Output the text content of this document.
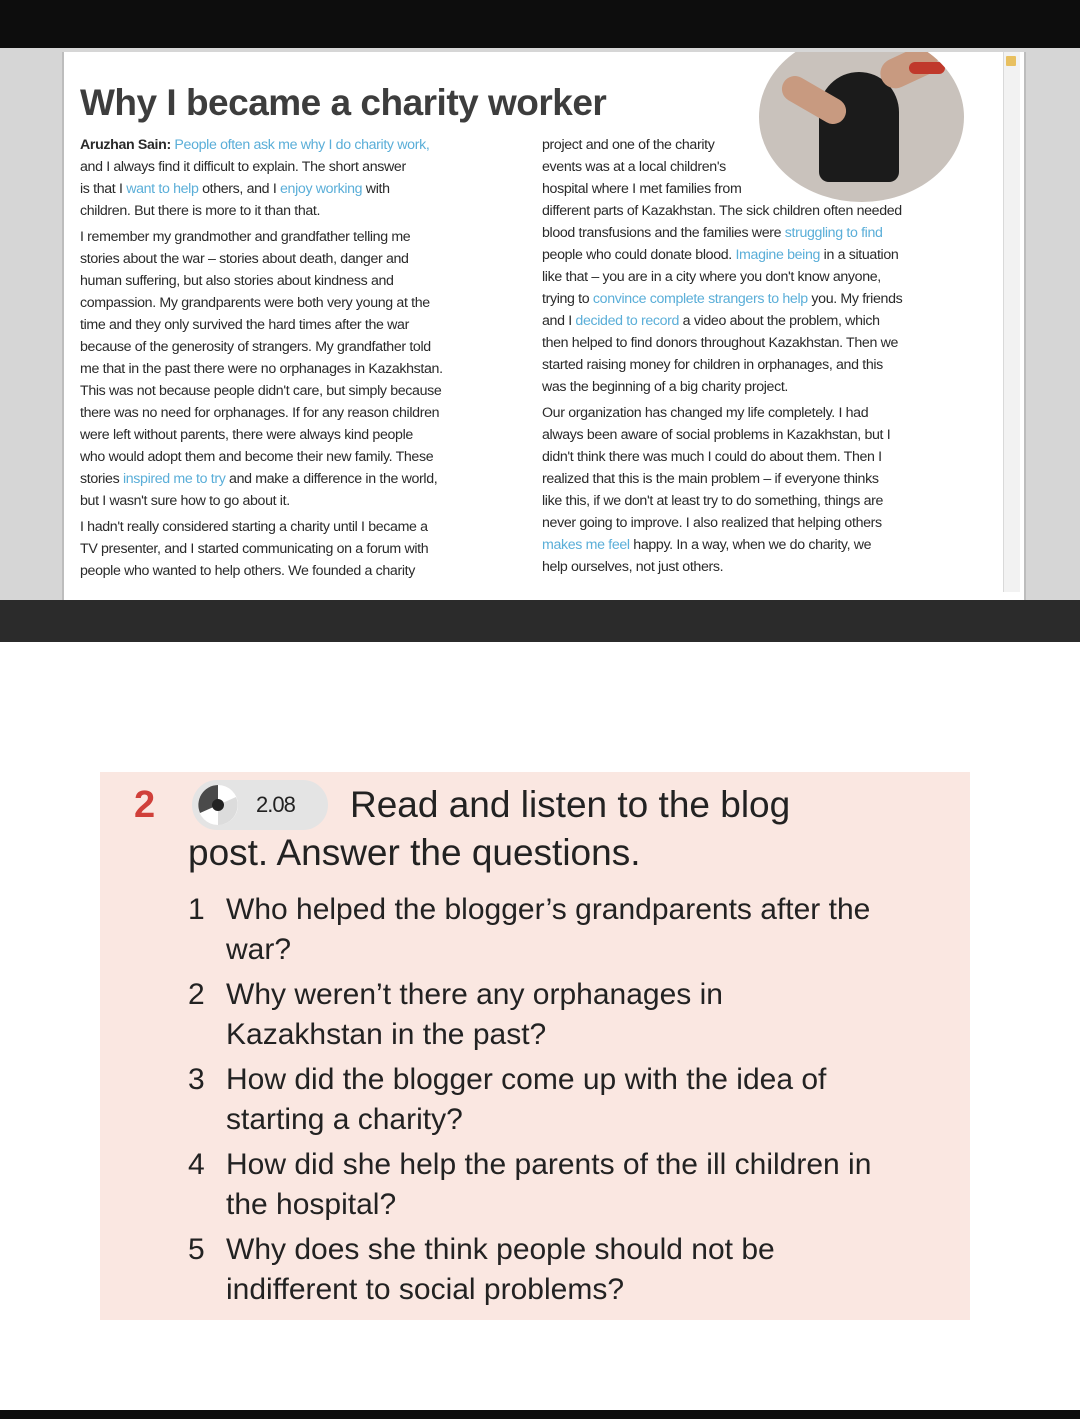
Why I became a charity worker

Aruzhan Sain: People often ask me why I do charity work,

and I always find it difficult to explain. The short answer

is that I want to help others, and I enjoy working with

children. But there is more to it than that.

I remember my grandmother and grandfather telling me

stories about the war – stories about death, danger and

human suffering, but also stories about kindness and

compassion. My grandparents were both very young at the

time and they only survived the hard times after the war

because of the generosity of strangers. My grandfather told

me that in the past there were no orphanages in Kazakhstan.

This was not because people didn't care, but simply because

there was no need for orphanages. If for any reason children

were left without parents, there were always kind people

who would adopt them and become their new family. These

stories inspired me to try and make a difference in the world,

but I wasn't sure how to go about it.

I hadn't really considered starting a charity until I became a

TV presenter, and I started communicating on a forum with

people who wanted to help others. We founded a charity

project and one of the charity

events was at a local children's

hospital where I met families from

different parts of Kazakhstan. The sick children often needed

blood transfusions and the families were struggling to find

people who could donate blood. Imagine being in a situation

like that – you are in a city where you don't know anyone,

trying to convince complete strangers to help you. My friends

and I decided to record a video about the problem, which

then helped to find donors throughout Kazakhstan. Then we

started raising money for children in orphanages, and this

was the beginning of a big charity project.

Our organization has changed my life completely. I had

always been aware of social problems in Kazakhstan, but I

didn't think there was much I could do about them. Then I

realized that this is the main problem – if everyone thinks

like this, if we don't at least try to do something, things are

never going to improve. I also realized that helping others

makes me feel happy. In a way, when we do charity, we

help ourselves, not just others.

2	2.08 Read and listen to the blog
post. Answer the questions.
1 Who helped the blogger’s grandparents after the
war?
2 Why weren’t there any orphanages in
Kazakhstan in the past?
3 How did the blogger come up with the idea of
starting a charity?
4 How did she help the parents of the ill children in
the hospital?
5 Why does she think people should not be
indifferent to social problems?
